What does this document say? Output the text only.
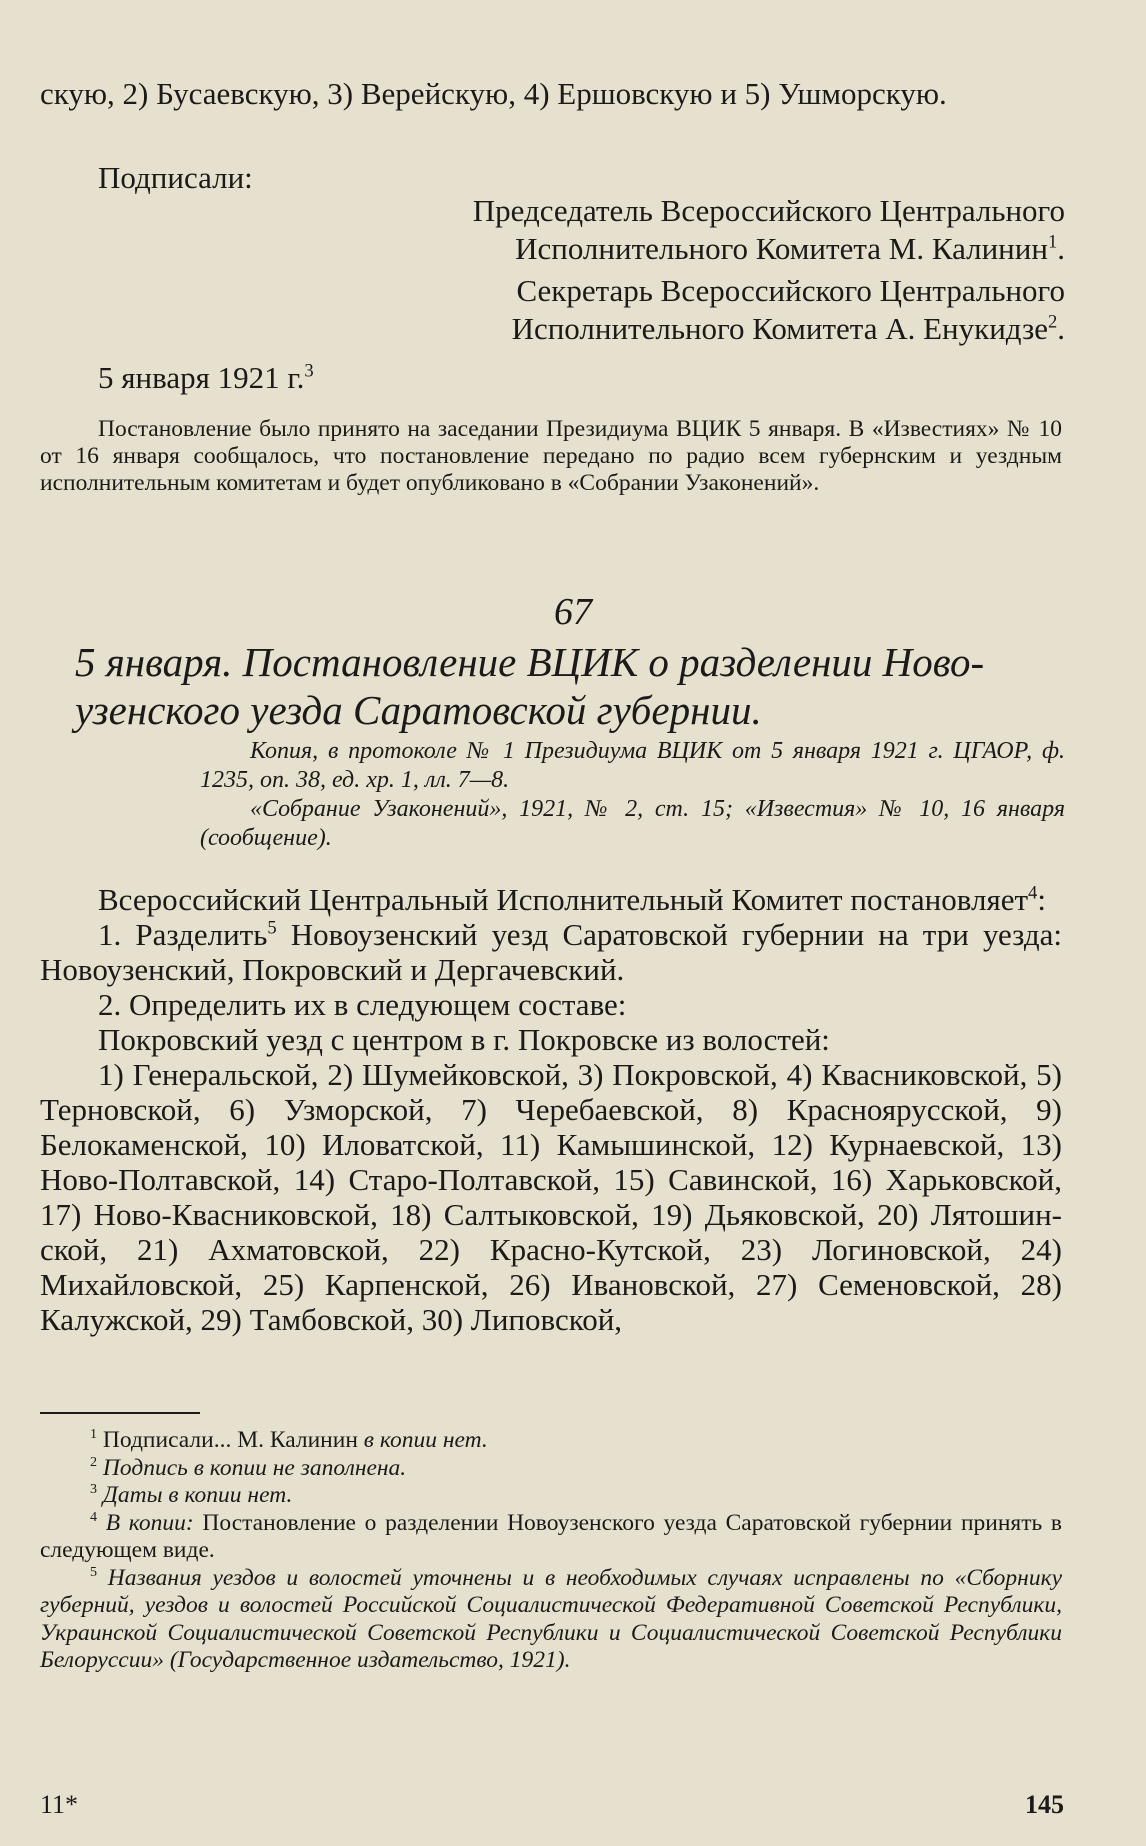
скую, 2) Бусаевскую, 3) Верейскую, 4) Ершовскую и 5) Ушморскую.

Подписали:

Председатель Всероссийского Центрального
Исполнительного Комитета М. Калинин$^1$.
Секретарь Всероссийского Центрального
Исполнительного Комитета А. Енукидзе$^2$.

5 января 1921 г.$^3$

Постановление было принято на заседании Президиума ВЦИК 5 января. В «Известиях» № 10 от 16 января сообщалось, что постановление передано по радио всем губернским и уездным исполнительным комитетам и будет опубликовано в «Собрании Узаконений».

67
5 января. Постановление ВЦИК о разделении Новоузенского уезда Саратовской губернии.

Копия, в протоколе № 1 Президиума ВЦИК от 5 января 1921 г. ЦГАОР, ф. 1235, оп. 38, ед. хр. 1, лл. 7—8.

«Собрание Узаконений», 1921, № 2, ст. 15; «Известия» № 10, 16 января (сообщение).

Всероссийский Центральный Исполнительный Комитет постановляет$^4$:

1. Разделить$^5$ Новоузенский уезд Саратовской губернии на три уезда: Новоузенский, Покровский и Дергачевский.

2. Определить их в следующем составе:

Покровский уезд с центром в г. Покровске из волостей:

1) Генеральской, 2) Шумейковской, 3) Покровской, 4) Квасниковской, 5) Терновской, 6) Узморской, 7) Черебаевской, 8) Красноярусской, 9) Белокаменской, 10) Иловатской, 11) Камышинской, 12) Курнаевской, 13) Ново-Полтавской, 14) Старо-Полтавской, 15) Савинской, 16) Харьковской, 17) Ново-Квасниковской, 18) Салтыковской, 19) Дьяковской, 20) Лятошинской, 21) Ахматовской, 22) Красно-Кутской, 23) Логиновской, 24) Михайловской, 25) Карпенской, 26) Ивановской, 27) Семеновской, 28) Калужской, 29) Тамбовской, 30) Липовской,

$^1$ Подписали... М. Калинин в копии нет.

$^2$ Подпись в копии не заполнена.

$^3$ Даты в копии нет.

$^4$ В копии: Постановление о разделении Новоузенского уезда Саратовской губернии принять в следующем виде.

$^5$ Названия уездов и волостей уточнены и в необходимых случаях исправлены по «Сборнику губерний, уездов и волостей Российской Социалистической Федеративной Советской Республики, Украинской Социалистической Советской Республики и Социалистической Советской Республики Белоруссии» (Государственное издательство, 1921).

11*	145
